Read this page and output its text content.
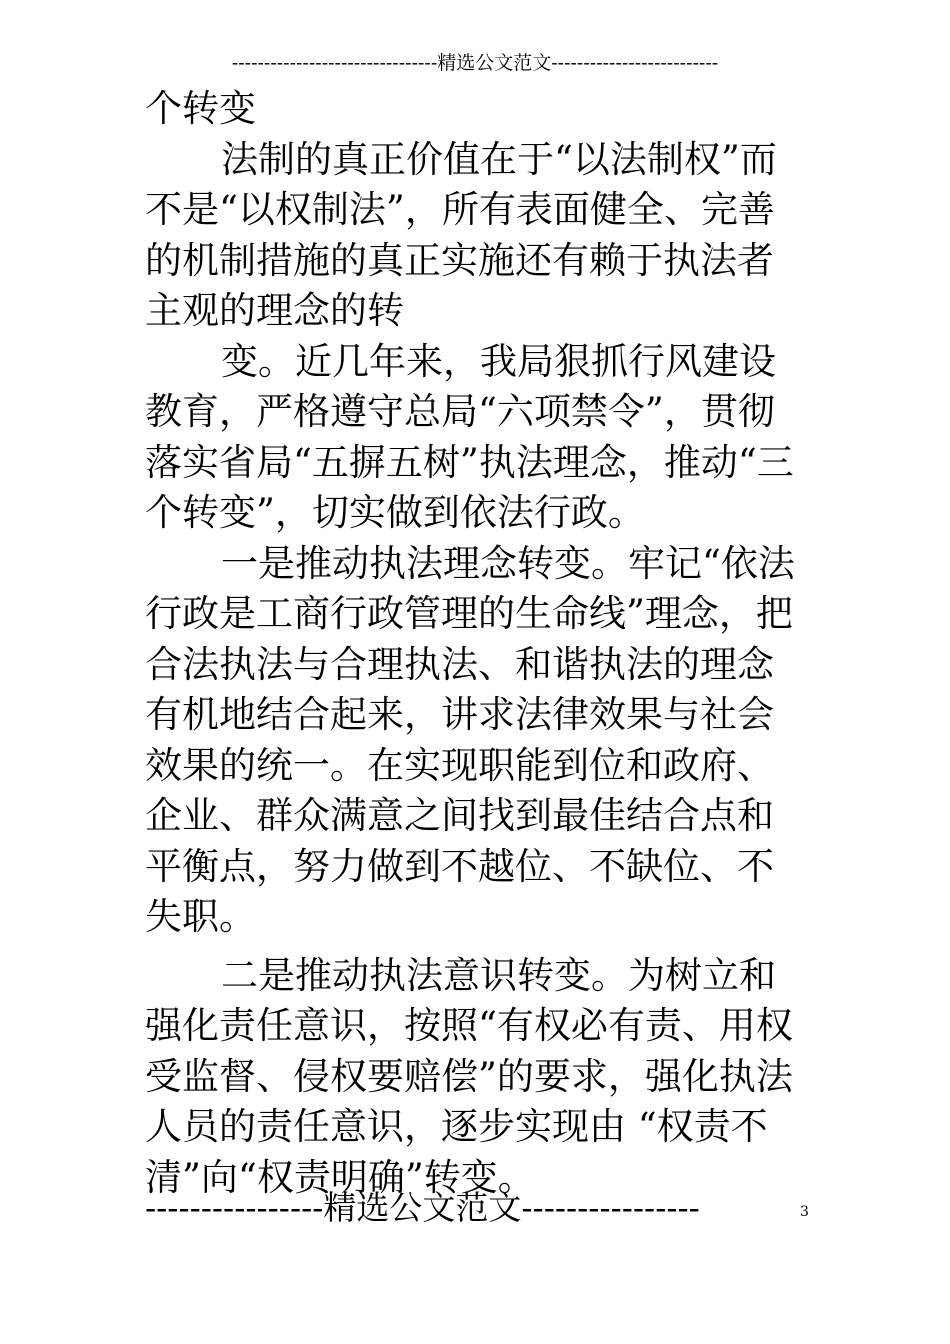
--------------------------------精选公文范文--------------------------
个转变
法制的真正价值在于“以法制权”而
不是“以权制法”，所有表面健全、完善
的机制措施的真正实施还有赖于执法者
主观的理念的转
变。近几年来，我局狠抓行风建设
教育，严格遵守总局“六项禁令”，贯彻
落实省局“五摒五树”执法理念，推动“三
个转变”，切实做到依法行政。
一是推动执法理念转变。牢记“依法
行政是工商行政管理的生命线”理念，把
合法执法与合理执法、和谐执法的理念
有机地结合起来，讲求法律效果与社会
效果的统一。在实现职能到位和政府、
企业、群众满意之间找到最佳结合点和
平衡点，努力做到不越位、不缺位、不
失职。
二是推动执法意识转变。为树立和
强化责任意识，按照“有权必有责、用权
受监督、侵权要赔偿”的要求，强化执法
人员的责任意识，逐步实现由 “权责不
清”向“权责明确”转变。
----------------精选公文范文----------------	3
